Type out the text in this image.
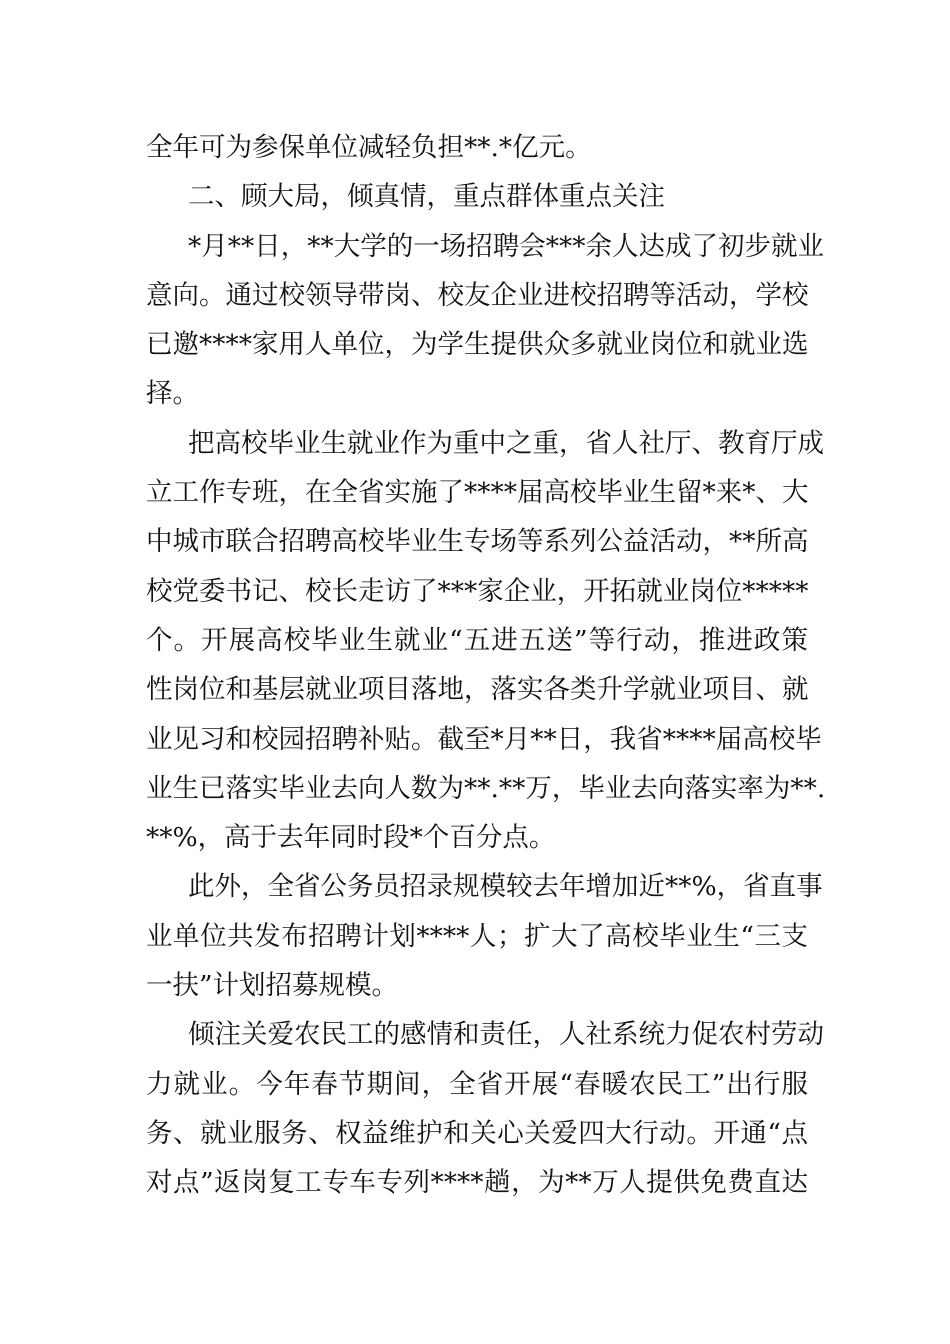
全年可为参保单位减轻负担**.*亿元。
二、顾大局，倾真情，重点群体重点关注
*月**日，**大学的一场招聘会***余人达成了初步就业
意向。通过校领导带岗、校友企业进校招聘等活动，学校
已邀****家用人单位，为学生提供众多就业岗位和就业选
择。
把高校毕业生就业作为重中之重，省人社厅、教育厅成
立工作专班，在全省实施了****届高校毕业生留*来*、大
中城市联合招聘高校毕业生专场等系列公益活动，**所高
校党委书记、校长走访了***家企业，开拓就业岗位*****
个。开展高校毕业生就业“五进五送”等行动，推进政策
性岗位和基层就业项目落地，落实各类升学就业项目、就
业见习和校园招聘补贴。截至*月**日，我省****届高校毕
业生已落实毕业去向人数为**.**万，毕业去向落实率为**.
**%，高于去年同时段*个百分点。
此外，全省公务员招录规模较去年增加近**%，省直事
业单位共发布招聘计划****人；扩大了高校毕业生“三支
一扶”计划招募规模。
倾注关爱农民工的感情和责任，人社系统力促农村劳动
力就业。今年春节期间，全省开展“春暖农民工”出行服
务、就业服务、权益维护和关心关爱四大行动。开通“点
对点”返岗复工专车专列****趟，为**万人提供免费直达
